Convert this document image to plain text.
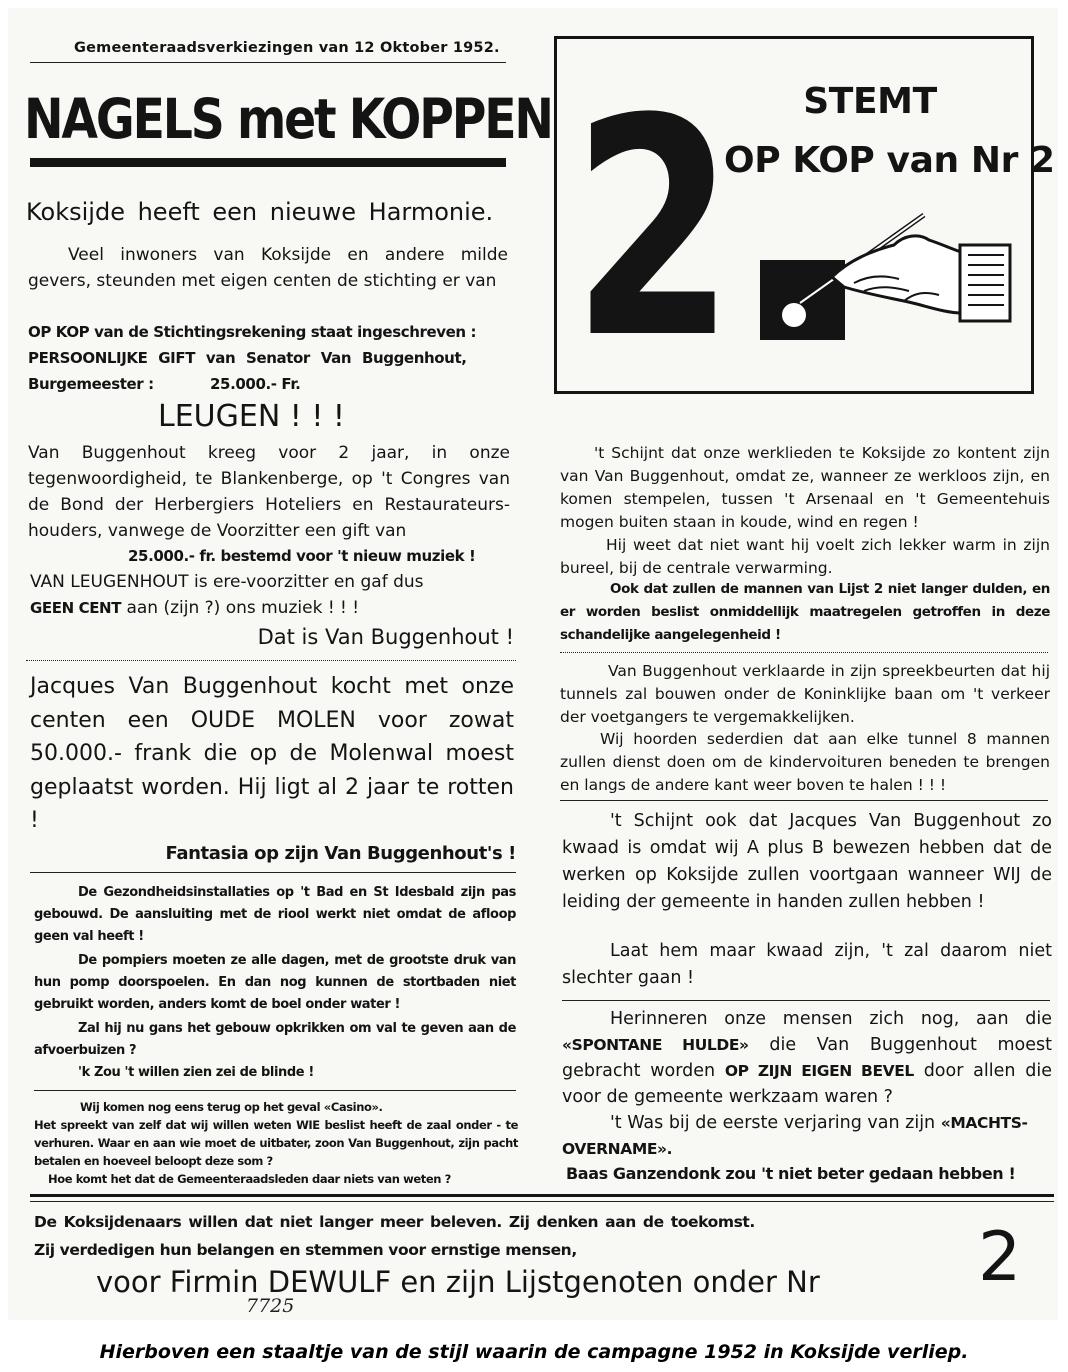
Gemeenteraadsverkiezingen van 12 Oktober 1952.
NAGELS met KOPPEN 2	STEMT
OP KOP van Nr 2
Koksijde heeft een nieuwe Harmonie.

Veel inwoners van Koksijde en andere milde gevers, steunden met eigen centen de stichting er van

OP KOP van de Stichtingsrekening staat ingeschreven :
PERSOONLIJKE GIFT van Senator Van Buggenhout,
Burgemeester :	25.000.- Fr.
LEUGEN ! ! !

Van Buggenhout kreeg voor 2 jaar, in onze tegenwoordigheid, te Blankenberge, op 't Congres van de Bond der Herbergiers Hoteliers en Restaurateurs-houders, vanwege de Voorzitter een gift van

25.000.- fr. bestemd voor 't nieuw muziek !
VAN LEUGENHOUT is ere-voorzitter en gaf dus
GEEN CENT aan (zijn ?) ons muziek ! ! !
Dat is Van Buggenhout !

Jacques Van Buggenhout kocht met onze centen een OUDE MOLEN voor zowat 50.000.- frank die op de Molenwal moest geplaatst worden. Hij ligt al 2 jaar te rotten !

Fantasia op zijn Van Buggenhout's !

De Gezondheidsinstallaties op 't Bad en St Idesbald zijn pas gebouwd. De aansluiting met de riool werkt niet omdat de afloop geen val heeft !

De pompiers moeten ze alle dagen, met de grootste druk van hun pomp doorspoelen. En dan nog kunnen de stortbaden niet gebruikt worden, anders komt de boel onder water !

Zal hij nu gans het gebouw opkrikken om val te geven aan de afvoerbuizen ?

'k Zou 't willen zien zei de blinde !
Wij komen nog eens terug op het geval «Casino».

Het spreekt van zelf dat wij willen weten WIE beslist heeft de zaal onder - te verhuren. Waar en aan wie moet de uitbater, zoon Van Buggenhout, zijn pacht betalen en hoeveel beloopt deze som ?

Hoe komt het dat de Gemeenteraadsleden daar niets van weten ?

't Schijnt dat onze werklieden te Koksijde zo kontent zijn van Van Buggenhout, omdat ze, wanneer ze werkloos zijn, en komen stempelen, tussen 't Arsenaal en 't Gemeentehuis mogen buiten staan in koude, wind en regen !

Hij weet dat niet want hij voelt zich lekker warm in zijn bureel, bij de centrale verwarming.

Ook dat zullen de mannen van Lijst 2 niet langer dulden, en er worden beslist onmiddellijk maatregelen getroffen in deze schandelijke aangelegenheid !

Van Buggenhout verklaarde in zijn spreekbeurten dat hij tunnels zal bouwen onder de Koninklijke baan om 't verkeer der voetgangers te vergemakkelijken.

Wij hoorden sederdien dat aan elke tunnel 8 mannen zullen dienst doen om de kindervoituren beneden te brengen en langs de andere kant weer boven te halen ! ! !

't Schijnt ook dat Jacques Van Buggenhout zo kwaad is omdat wij A plus B bewezen hebben dat de werken op Koksijde zullen voortgaan wanneer WIJ de leiding der gemeente in handen zullen hebben !

Laat hem maar kwaad zijn, 't zal daarom niet slechter gaan !

Herinneren onze mensen zich nog, aan die «SPONTANE HULDE» die Van Buggenhout moest gebracht worden OP ZIJN EIGEN BEVEL door allen die voor de gemeente werkzaam waren ?

't Was bij de eerste verjaring van zijn «MACHTS-OVERNAME».

Baas Ganzendonk zou 't niet beter gedaan hebben !
De Koksijdenaars willen dat niet langer meer beleven. Zij denken aan de toekomst.
Zij verdedigen hun belangen en stemmen voor ernstige mensen,
voor Firmin DEWULF en zijn Lijstgenoten onder Nr	2
7725
Hierboven een staaltje van de stijl waarin de campagne 1952 in Koksijde verliep.
